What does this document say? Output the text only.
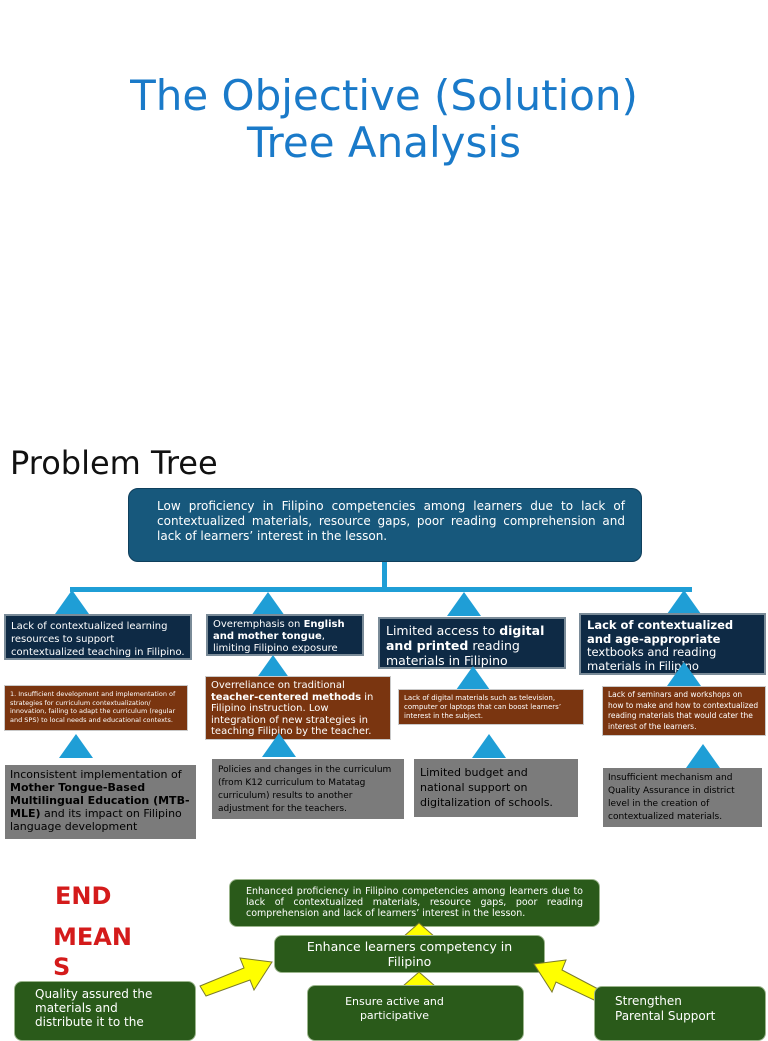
The Objective (Solution)
Tree Analysis
Problem Tree
Low proficiency in Filipino competencies among learners due to lack of contextualized materials, resource gaps, poor reading comprehension and lack of learners’ interest in the lesson.
Lack of contextualized learning resources to support contextualized teaching in Filipino.
Overemphasis on English and mother tongue, limiting Filipino exposure
Limited access to digital and printed reading materials in Filipino
Lack of contextualized and age-appropriate textbooks and reading materials in Filipino
1. Insufficient development and implementation of strategies for curriculum contextualization/ innovation, failing to adapt the curriculum (regular and SPS) to local needs and educational contexts.
Overreliance on traditional teacher-centered methods in Filipino instruction. Low integration of new strategies in teaching Filipino by the teacher.
Lack of digital materials such as television, computer or laptops that can boost learners’ interest in the subject.
Lack of seminars and workshops on how to make and how to contextualized reading materials that would cater the interest of the learners.
Inconsistent implementation of Mother Tongue-Based Multilingual Education (MTB-MLE) and its impact on Filipino language development
Policies and changes in the curriculum (from K12 curriculum to Matatag curriculum) results to another adjustment for the teachers.
Limited budget and national support on digitalization of schools.
Insufficient mechanism and Quality Assurance in district level in the creation of contextualized materials.
END
MEAN
S
Enhanced proficiency in Filipino competencies among learners due to lack of contextualized materials, resource gaps, poor reading comprehension and lack of learners’ interest in the lesson.
Enhance learners competency in Filipino
Quality assured the materials and distribute it to the
Ensure active and participative
Strengthen Parental Support
